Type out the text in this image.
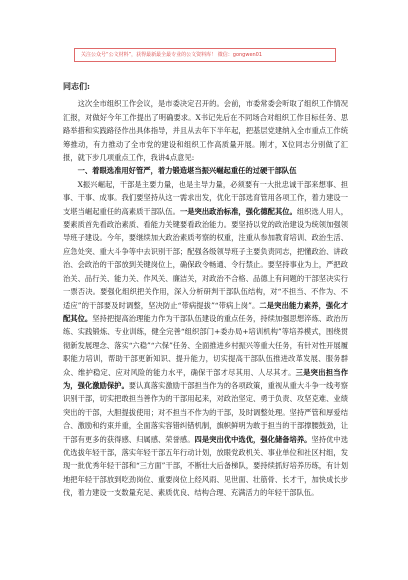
关注公众号“公文材料”，获得最新最全最专业的公文资料库！ 微信：gongwen01

同志们:

这次全市组织工作会议，是市委决定召开的。会前，市委常委会听取了组织工作情况汇报，对做好今年工作提出了明确要求。X书记先后在不同场合对组织工作目标任务、思路举措和实践路径作出具体指导，并且从去年下半年起，把基层党建纳入全市重点工作统筹推动，有力推动了全市党的建设和组织工作高质量开展。刚才，X位同志分别做了汇报，就下步几项重点工作，我讲4点意见:

一、着眼选准用好管严，着力锻造堪当振兴崛起重任的过硬干部队伍

X振兴崛起，干部是主要力量，也是主导力量，必须要有一大批忠诚干部来想事、担事、干事、成事。我们要坚持从这一需求出发，优化干部选育管用各项工作，着力建设一支堪当崛起重任的高素质干部队伍。一是突出政治标准，强化德配其位。组织选人用人，要素质首先看政治素质、看能力关键要看政治能力。要坚持以党的政治建设为统领加强领导班子建设。今年，要继续加大政治素质考察的权重，注重从参加教育培训、政治生活、应急处突、重大斗争等中去识别干部；配强各级领导班子主要负责同志，把懂政治、讲政治、会政治的干部放到关键岗位上，确保政令畅通、令行禁止。要坚持事业为上，严把政治关、品行关、能力关、作风关、廉洁关，对政治不合格、品德上有问题的干部坚决实行一票否决。要强化组织把关作用，深入分析研判干部队伍结构，对“不担当、不作为、不适应”的干部要及时调整，坚决防止“带病提拔”“带病上岗”。二是突出能力素养，强化才配其位。坚持把提高治理能力作为干部队伍建设的重点任务，持续加强思想淬炼、政治历练、实践锻炼、专业训练，健全完善“组织部门+委办局+培训机构”等培养模式，围绕贯彻新发展理念、落实“六稳”“六保”任务、全面推进乡村振兴等重大任务，有针对性开展履职能力培训，帮助干部更新知识、提升能力，切实提高干部队伍推进改革发展、服务群众、维护稳定、应对风险的能力水平，确保干部才尽其用、人尽其才。三是突出担当作为，强化激励保护。要认真落实激励干部担当作为的各项政策，重视从重大斗争一线考察识别干部，切实把敢担当善作为的干部用起来，对政治坚定、勇于负责、攻坚克难、业绩突出的干部，大胆提拔使用；对不担当不作为的干部，及时调整处理。坚持严管和厚爱结合、激励和约束并重，全面落实容错纠错机制，旗帜鲜明为敢于担当的干部撑腰鼓劲，让干部有更多的获得感、归属感、荣誉感。四是突出优中选优，强化储备培养。坚持优中选优选拔年轻干部，落实年轻干部五年行动计划，放眼党政机关、事业单位和社区村组，发现一批优秀年轻干部和“三方面”干部，不断壮大后备梯队，要持续抓好培养历练，有计划地把年轻干部放到吃劲岗位、重要岗位上经风雨、见世面、壮筋骨、长才干，加快成长步伐，着力建设一支数量充足、素质优良、结构合理、充满活力的年轻干部队伍。
